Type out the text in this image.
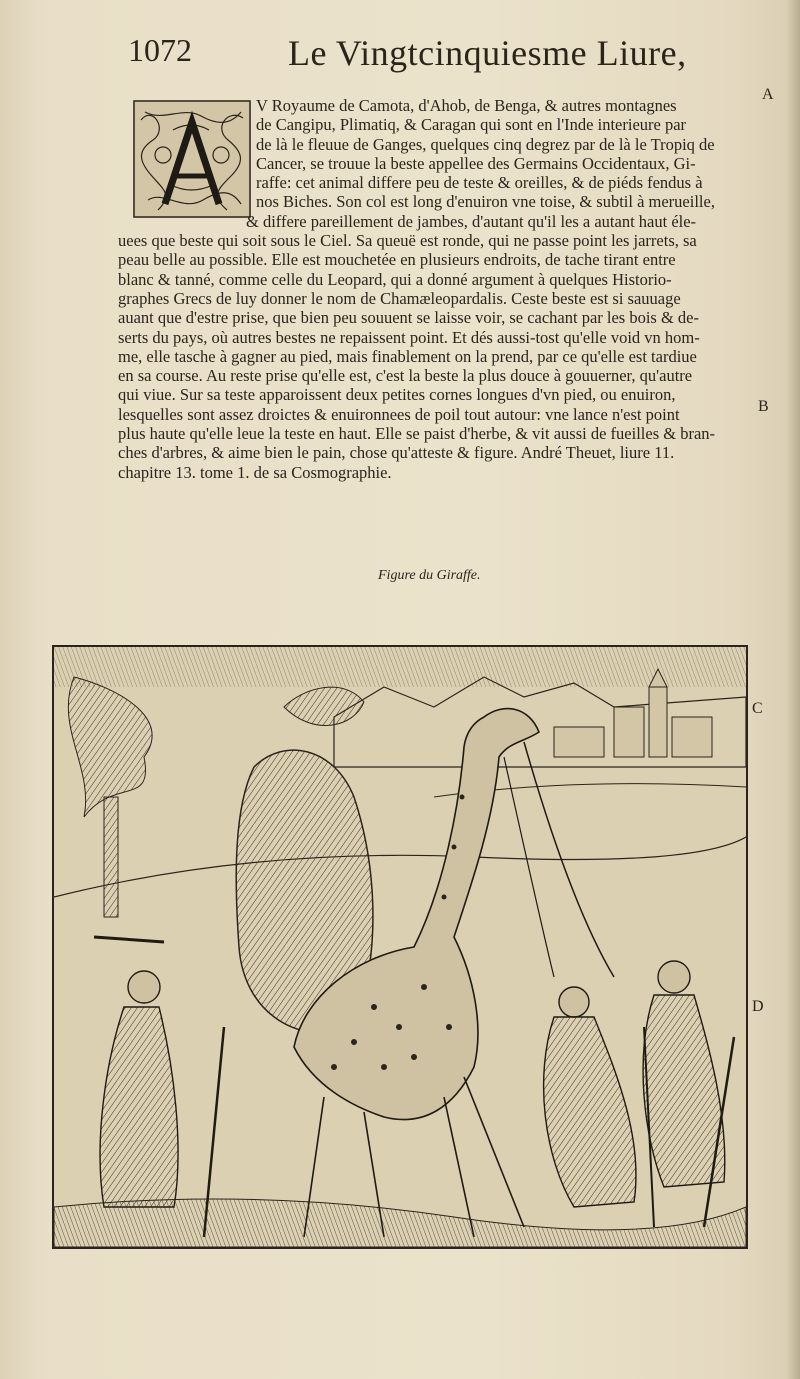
1072	Le Vingtcinquiesme Liure,
A
B
C
D
V Royaume de Camota, d'Ahob, de Benga, & autres montagnes
de Cangipu, Plimatiq, & Caragan qui sont en l'Inde interieure par
de là le fleuue de Ganges, quelques cinq degrez par de là le Tropiq de
Cancer, se trouue la beste appellee des Germains Occidentaux, Gi-
raffe: cet animal differe peu de teste & oreilles, & de piéds fendus à
nos Biches. Son col est long d'enuiron vne toise, & subtil à merueille,
& differe pareillement de jambes, d'autant qu'il les a autant haut éle-
uees que beste qui soit sous le Ciel. Sa queuë est ronde, qui ne passe point les jarrets, sa
peau belle au possible. Elle est mouchetée en plusieurs endroits, de tache tirant entre
blanc & tanné, comme celle du Leopard, qui a donné argument à quelques Historio-
graphes Grecs de luy donner le nom de Chamæleopardalis. Ceste beste est si sauuage
auant que d'estre prise, que bien peu souuent se laisse voir, se cachant par les bois & de-
serts du pays, où autres bestes ne repaissent point. Et dés aussi-tost qu'elle void vn hom-
me, elle tasche à gagner au pied, mais finablement on la prend, par ce qu'elle est tardiue
en sa course. Au reste prise qu'elle est, c'est la beste la plus douce à gouuerner, qu'autre
qui viue. Sur sa teste apparoissent deux petites cornes longues d'vn pied, ou enuiron,
lesquelles sont assez droictes & enuironnees de poil tout autour: vne lance n'est point
plus haute qu'elle leue la teste en haut. Elle se paist d'herbe, & vit aussi de fueilles & bran-
ches d'arbres, & aime bien le pain, chose qu'atteste & figure. André Theuet, liure 11.
chapitre 13. tome 1. de sa Cosmographie.
Figure du Giraffe.
